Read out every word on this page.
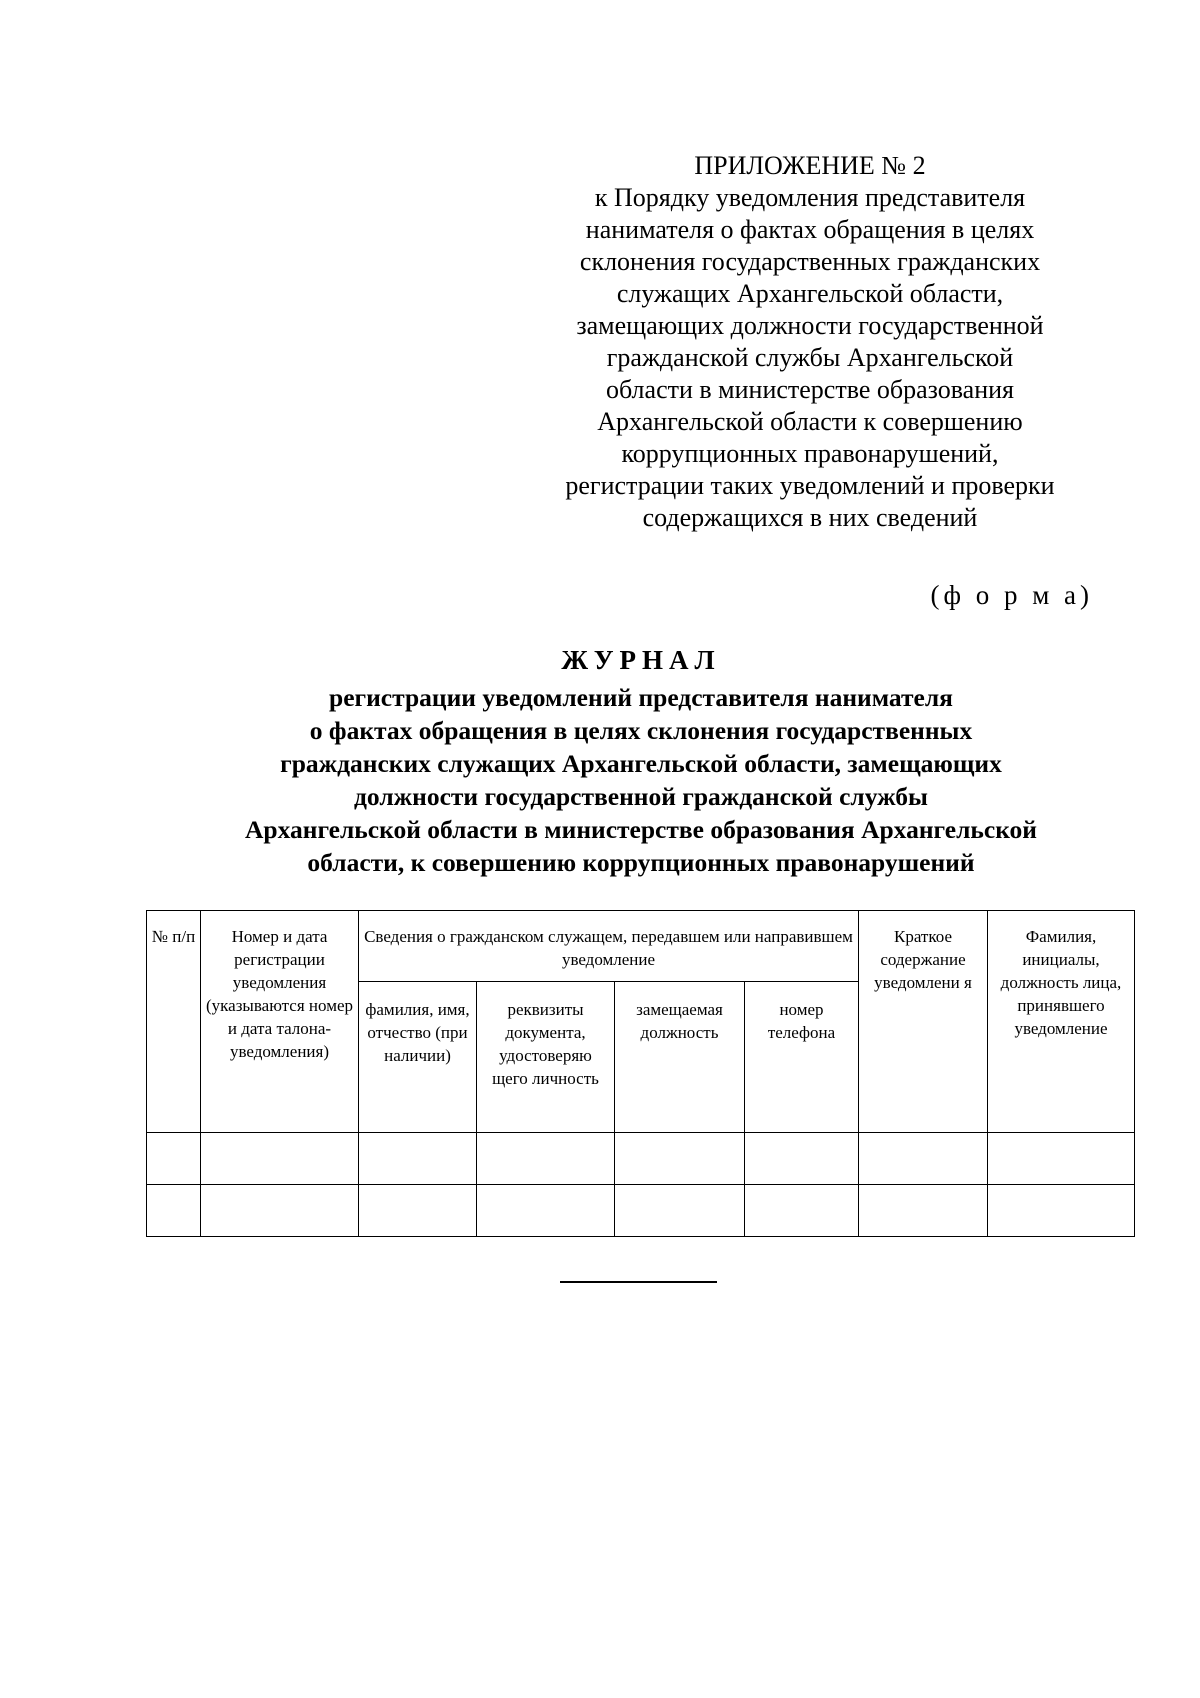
ПРИЛОЖЕНИЕ № 2
к Порядку уведомления представителя
нанимателя о фактах обращения в целях
склонения государственных гражданских
служащих Архангельской области,
замещающих должности государственной
гражданской службы Архангельской
области в министерстве образования
Архангельской области к совершению
коррупционных правонарушений,
регистрации таких уведомлений и проверки
содержащихся в них сведений
(ф о р м а)
ЖУРНАЛ
регистрации уведомлений представителя нанимателя
о фактах обращения в целях склонения государственных
гражданских служащих Архангельской области, замещающих
должности государственной гражданской службы
Архангельской области в министерстве образования Архангельской
области, к совершению коррупционных правонарушений
№ п/п	Номер и дата регистрации уведомления (указываются номер и дата талона-уведомления)	Сведения о гражданском служащем, передавшем или направившем уведомление				Краткое содержание уведомлени я	Фамилия, инициалы, должность лица, принявшего уведомление
		фамилия, имя, отчество (при наличии)	реквизиты документа, удостоверяю щего личность	замещаемая должность	номер телефона		
